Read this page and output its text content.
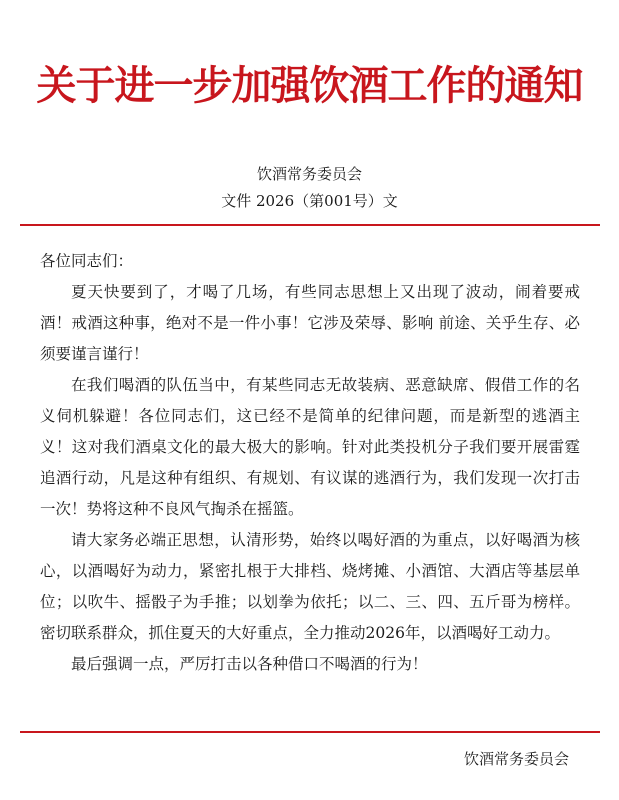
关于进一步加强饮酒工作的通知
饮酒常务委员会
文件 2026（第001号）文

各位同志们：

夏天快要到了，才喝了几场，有些同志思想上又出现了波动，闹着要戒酒！戒酒这种事，绝对不是一件小事！它涉及荣辱、影响 前途、关乎生存、必须要谨言谨行！

在我们喝酒的队伍当中，有某些同志无故装病、恶意缺席、假借工作的名义伺机躲避！各位同志们，这已经不是简单的纪律问题，而是新型的逃酒主义！这对我们酒桌文化的最大极大的影响。针对此类投机分子我们要开展雷霆追酒行动，凡是这种有组织、有规划、有议谋的逃酒行为，我们发现一次打击一次！势将这种不良风气掏杀在摇篮。

请大家务必端正思想，认清形势，始终以喝好酒的为重点，以好喝酒为核心，以酒喝好为动力，紧密扎根于大排档、烧烤摊、小酒馆、大酒店等基层单位；以吹牛、摇骰子为手推；以划拳为依托；以二、三、四、五斤哥为榜样。密切联系群众，抓住夏天的大好重点，全力推动2026年，以酒喝好工动力。

最后强调一点，严厉打击以各种借口不喝酒的行为！

饮酒常务委员会
